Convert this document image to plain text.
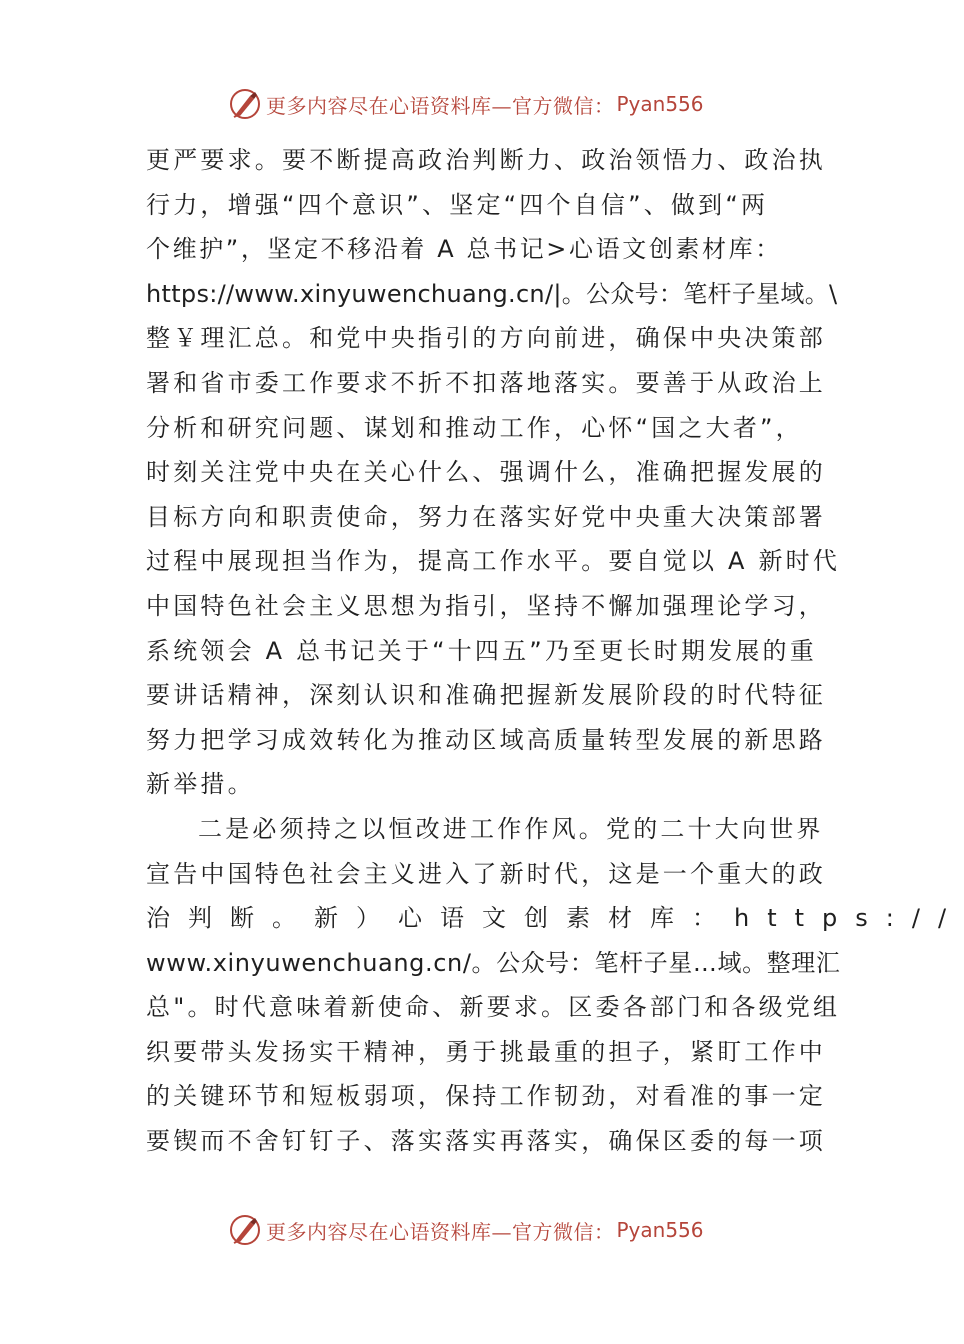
更多内容尽在心语资料库—官方微信： Pyan556
更严要求。要不断提高政治判断力、政治领悟力、政治执
行力，增强“四个意识”、坚定“四个自信”、做到“两
个维护”，坚定不移沿着 A 总书记>心语文创素材库：
https://www.xinyuwenchuang.cn/|。公众号：笔杆子星域。\
整￥理汇总。和党中央指引的方向前进，确保中央决策部
署和省市委工作要求不折不扣落地落实。要善于从政治上
分析和研究问题、谋划和推动工作，心怀“国之大者”，
时刻关注党中央在关心什么、强调什么，准确把握发展的
目标方向和职责使命，努力在落实好党中央重大决策部署
过程中展现担当作为，提高工作水平。要自觉以 A 新时代
中国特色社会主义思想为指引，坚持不懈加强理论学习，
系统领会 A 总书记关于“十四五”乃至更长时期发展的重
要讲话精神，深刻认识和准确把握新发展阶段的时代特征
努力把学习成效转化为推动区域高质量转型发展的新思路
新举措。
二是必须持之以恒改进工作作风。党的二十大向世界
宣告中国特色社会主义进入了新时代，这是一个重大的政
治判断。新）心语文创素材库：https://
www.xinyuwenchuang.cn/。公众号：笔杆子星…域。整理汇
总"。时代意味着新使命、新要求。区委各部门和各级党组
织要带头发扬实干精神，勇于挑最重的担子，紧盯工作中
的关键环节和短板弱项，保持工作韧劲，对看准的事一定
要锲而不舍钉钉子、落实落实再落实，确保区委的每一项
更多内容尽在心语资料库—官方微信： Pyan556
